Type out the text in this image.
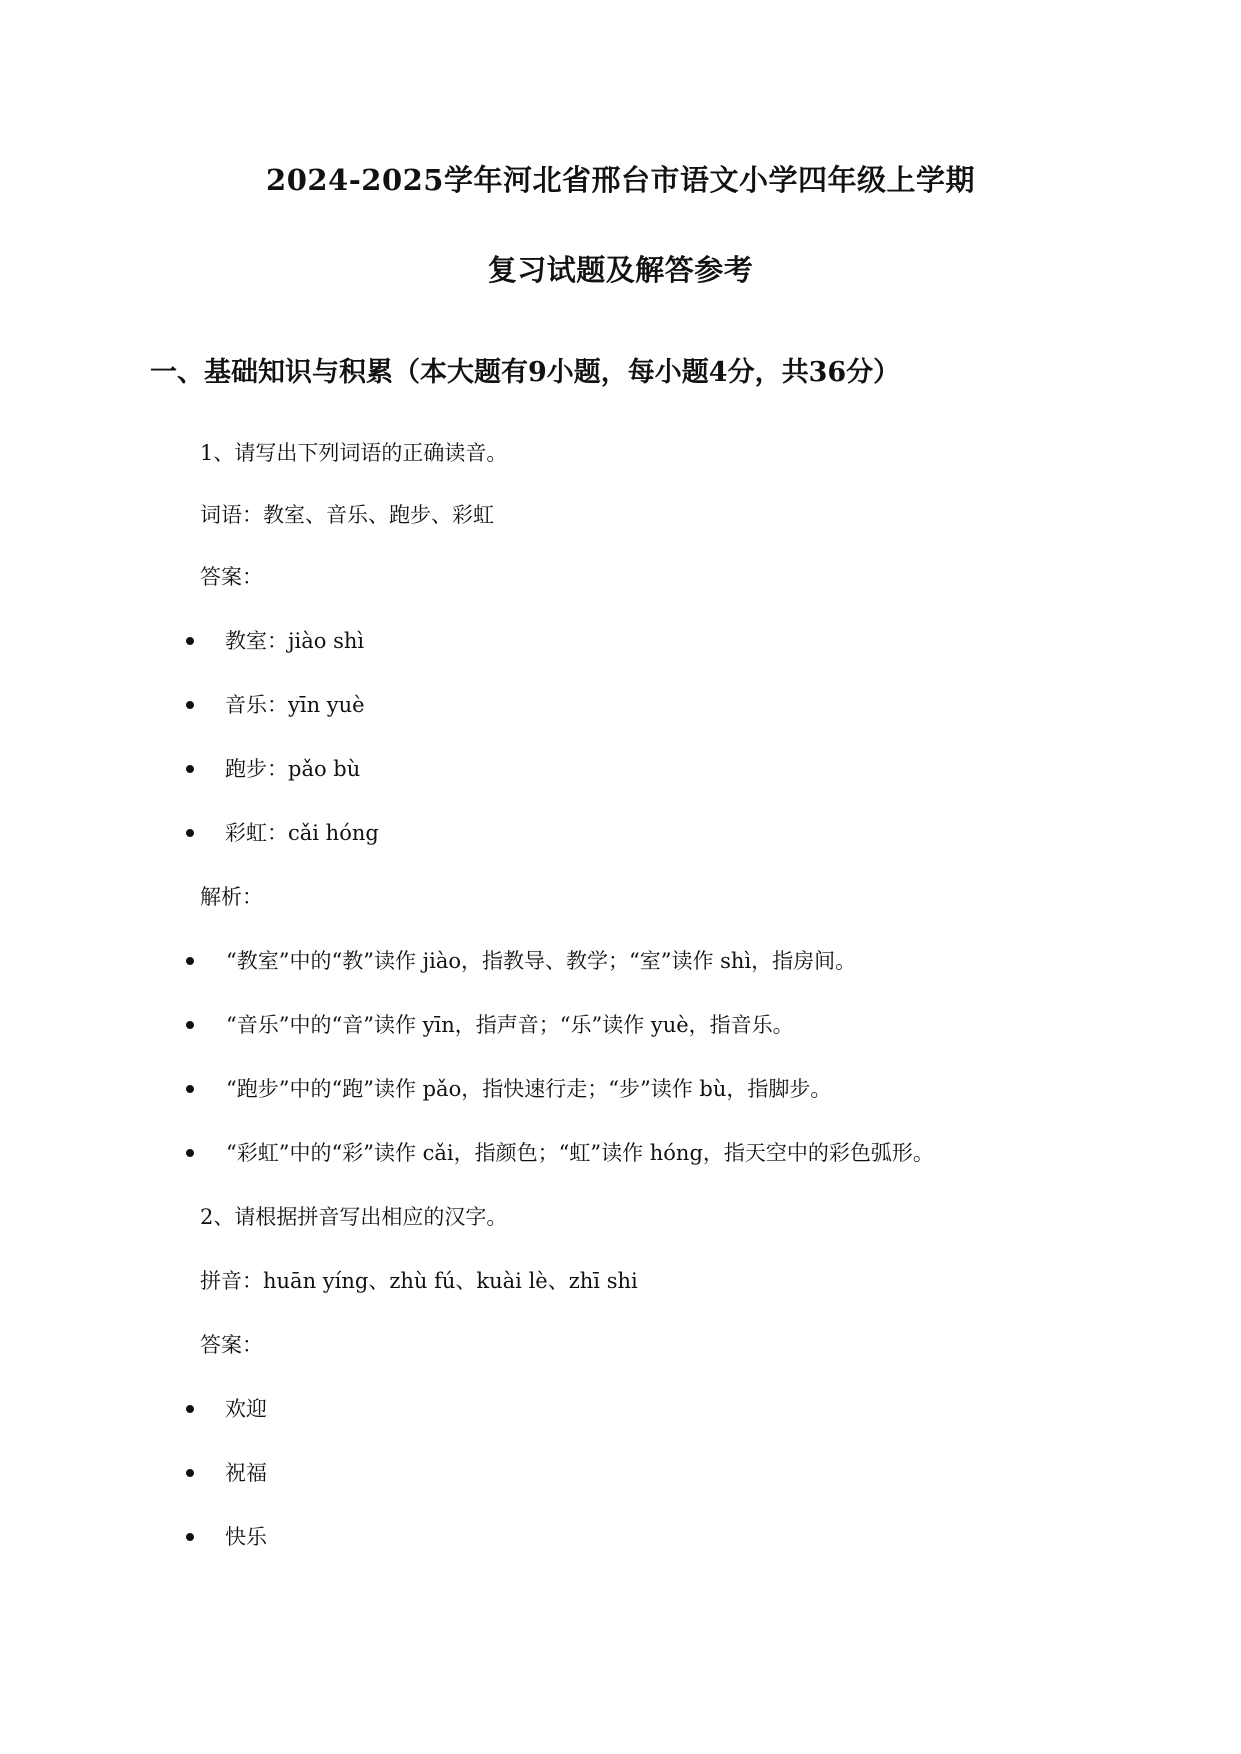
2024-2025学年河北省邢台市语文小学四年级上学期
复习试题及解答参考
一、基础知识与积累（本大题有9小题，每小题4分，共36分）
1、请写出下列词语的正确读音。
词语：教室、音乐、跑步、彩虹
答案：
教室：jiào shì
音乐：yīn yuè
跑步：pǎo bù
彩虹：cǎi hóng
解析：
“教室”中的“教”读作 jiào，指教导、教学；“室”读作 shì，指房间。
“音乐”中的“音”读作 yīn，指声音；“乐”读作 yuè，指音乐。
“跑步”中的“跑”读作 pǎo，指快速行走；“步”读作 bù，指脚步。
“彩虹”中的“彩”读作 cǎi，指颜色；“虹”读作 hóng，指天空中的彩色弧形。
2、请根据拼音写出相应的汉字。
拼音：huān yíng、zhù fú、kuài lè、zhī shi
答案：
欢迎
祝福
快乐
